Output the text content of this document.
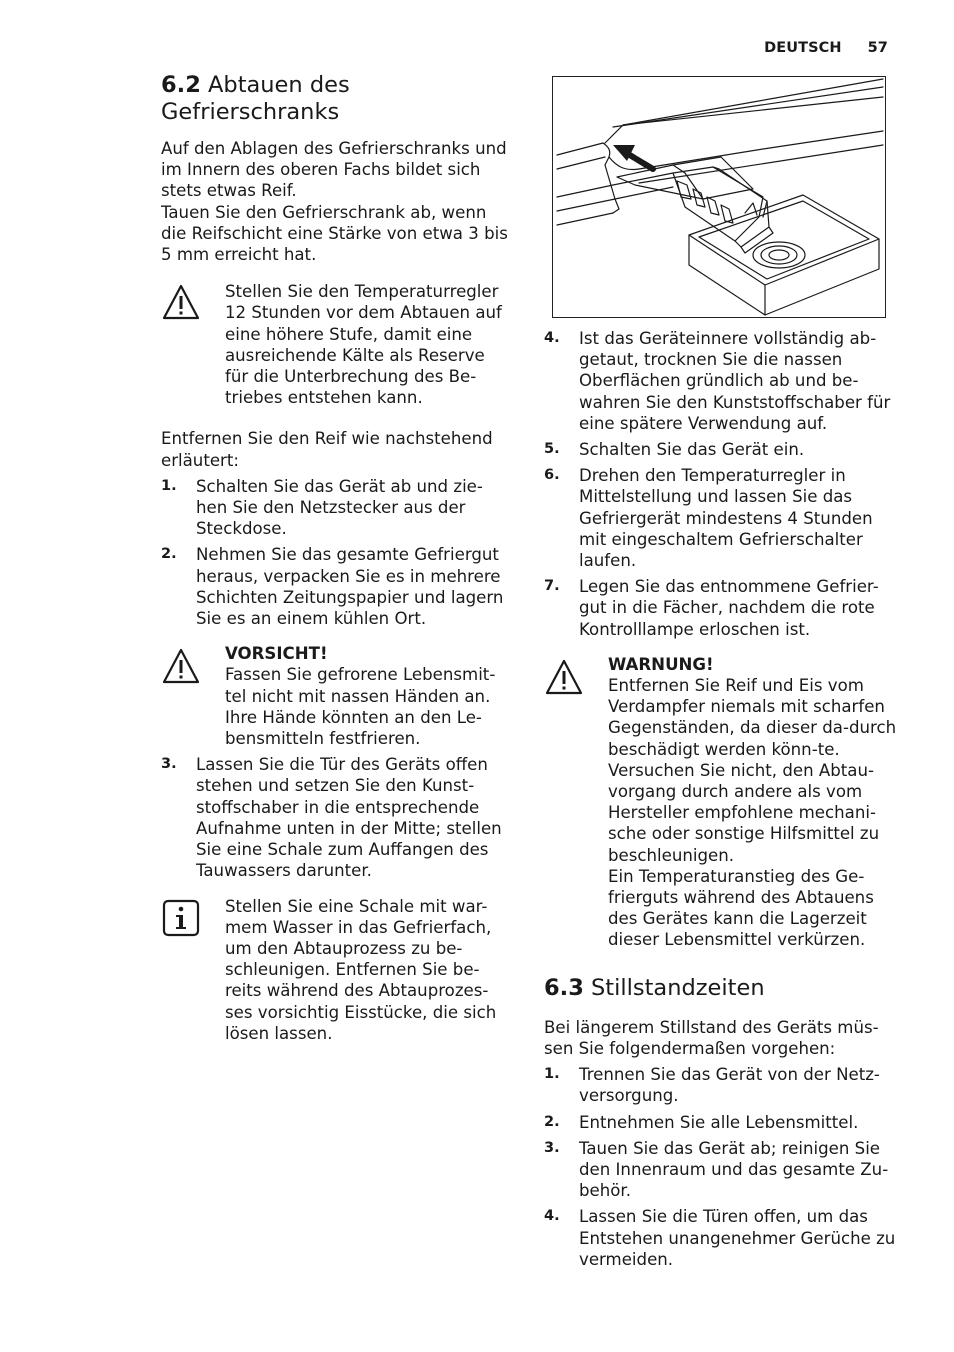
DEUTSCH 57
6.2 Abtauen des
Gefrierschranks

Auf den Ablagen des Gefrierschranks und im Innern des oberen Fachs bildet sich stets etwas Reif.

Tauen Sie den Gefrierschrank ab, wenn die Reifschicht eine Stärke von etwa 3 bis 5 mm erreicht hat.

Stellen Sie den Temperaturregler 12 Stunden vor dem Abtauen auf eine höhere Stufe, damit eine ausreichende Kälte als Reserve für die Unterbrechung des Be-triebes entstehen kann.

Entfernen Sie den Reif wie nachstehend erläutert:

1. Schalten Sie das Gerät ab und zie-hen Sie den Netzstecker aus der Steckdose.
2. Nehmen Sie das gesamte Gefriergut heraus, verpacken Sie es in mehrere Schichten Zeitungspapier und lagern Sie es an einem kühlen Ort.

VORSICHT!

Fassen Sie gefrorene Lebensmit-tel nicht mit nassen Händen an. Ihre Hände könnten an den Le-bensmitteln festfrieren.

3. Lassen Sie die Tür des Geräts offen stehen und setzen Sie den Kunst-stoffschaber in die entsprechende Aufnahme unten in der Mitte; stellen Sie eine Schale zum Auffangen des Tauwassers darunter.

Stellen Sie eine Schale mit war-mem Wasser in das Gefrierfach, um den Abtauprozess zu be-schleunigen. Entfernen Sie be-reits während des Abtauprozes-ses vorsichtig Eisstücke, die sich lösen lassen.

4. Ist das Geräteinnere vollständig ab-getaut, trocknen Sie die nassen Oberflächen gründlich ab und be-wahren Sie den Kunststoffschaber für eine spätere Verwendung auf.
5. Schalten Sie das Gerät ein.
6. Drehen den Temperaturregler in Mittelstellung und lassen Sie das Gefriergerät mindestens 4 Stunden mit eingeschaltem Gefrierschalter laufen.
7. Legen Sie das entnommene Gefrier-gut in die Fächer, nachdem die rote Kontrolllampe erloschen ist.

WARNUNG!

Entfernen Sie Reif und Eis vom Verdampfer niemals mit scharfen Gegenständen, da dieser da-durch beschädigt werden könn-te.

Versuchen Sie nicht, den Abtau-vorgang durch andere als vom Hersteller empfohlene mechani-sche oder sonstige Hilfsmittel zu beschleunigen.

Ein Temperaturanstieg des Ge-frierguts während des Abtauens des Gerätes kann die Lagerzeit dieser Lebensmittel verkürzen.

6.3 Stillstandzeiten

Bei längerem Stillstand des Geräts müs-sen Sie folgendermaßen vorgehen:

1. Trennen Sie das Gerät von der Netz-versorgung.
2. Entnehmen Sie alle Lebensmittel.
3. Tauen Sie das Gerät ab; reinigen Sie den Innenraum und das gesamte Zu-behör.
4. Lassen Sie die Türen offen, um das Entstehen unangenehmer Gerüche zu vermeiden.
